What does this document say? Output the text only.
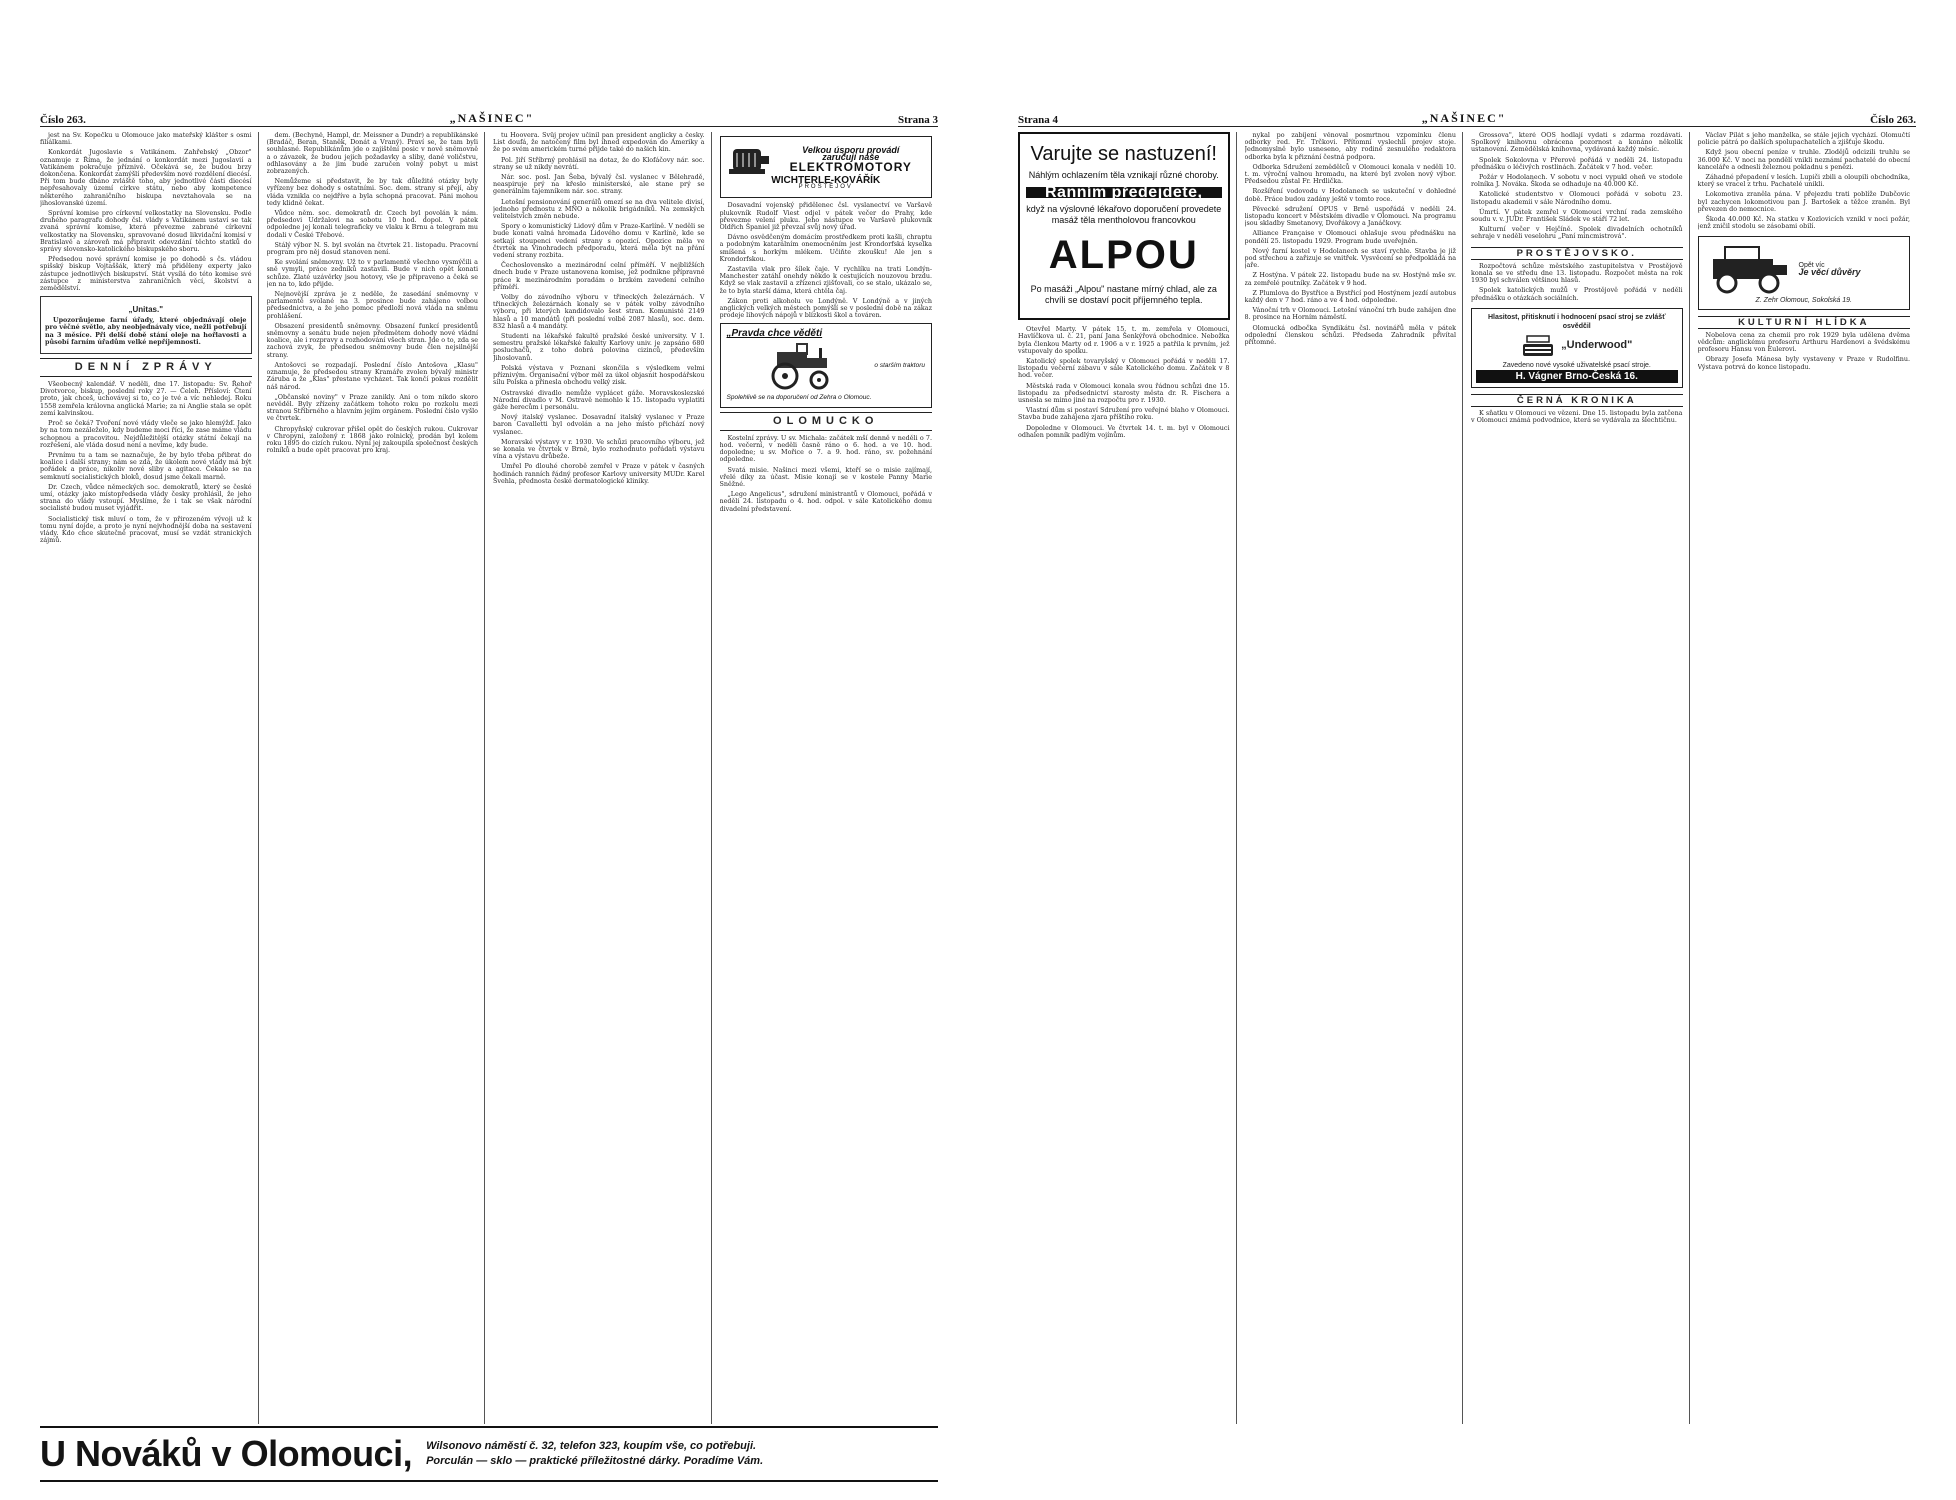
Číslo 263.	„NAŠINEC"	Strana 3

jest na Sv. Kopečku u Olomouce jako mateřský klášter s osmi filiálkami.

Konkordát Jugoslavie s Vatikánem. Zahřebský „Obzor" oznamuje z Říma, že jednání o konkordát mezi Jugoslavií a Vatikánem pokračuje příznivě. Očekává se, že budou brzy dokončena. Konkordát zamýšlí především nové rozdělení diecésí. Při tom bude dbáno zvláště toho, aby jednotlivé části diecésí nepřesahovaly území církve státu, nebo aby kompetence některého zahraničního biskupa nevztahovala se na jihoslovanské území.

Správní komise pro církevní velkostatky na Slovensku. Podle druhého paragrafu dohody čsl. vlády s Vatikánem ustaví se tak zvaná správní komise, která převezme zabrané církevní velkostatky na Slovensku, spravované dosud likvidační komisí v Bratislavě a zároveň má připravit odevzdání těchto statků do správy slovensko-katolického biskupského sboru.

Předsedou nové správní komise je po dohodě s čs. vládou spišský biskup Vojtaššák, který má přiděleny experty jako zástupce jednotlivých biskupství. Stát vysílá do této komise své zástupce z ministerstva zahraničních věcí, školství a zemědělství.

„Unitas."

Upozorňujeme farní úřady, které objednávají oleje pro věčné světlo, aby neobjednávaly více, nežli potřebují na 3 měsíce. Při delší době stání oleje na hořlavosti a působí farním úřadům velké nepříjemnosti.

DENNÍ ZPRÁVY

Všeobecný kalendář. V neděli, dne 17. listopadu: Sv. Řehoř Divotvorce, biskup, poslední roky 27. — Čeleh. Přísloví: Čtení proto, jak chceš, uchovávej si to, co je tvé a víc nehledej. Roku 1558 zemřela královna anglická Marie; za ni Anglie stala se opět zemí kalvinskou.

Proč se čeká? Tvoření nové vlády vleče se jako hlemýžď. Jako by na tom nezáleželo, kdy budeme moci říci, že zase máme vládu schopnou a pracovitou. Nejdůležitější otázky státní čekají na rozřešení, ale vláda dosud není a nevíme, kdy bude.

Prvnímu tu a tam se naznačuje, že by bylo třeba přibrat do koalice i další strany; nám se zdá, že úkolem nové vlády má být pořádek a práce, nikoliv nové sliby a agitace. Čekalo se na semknutí socialistických bloků, dosud jsme čekali marně.

Dr. Czech, vůdce německých soc. demokratů, který se české umí, otázky jako místopředseda vlády česky prohlásil, že jeho strana do vlády vstoupí. Myslíme, že i tak se však národní socialisté budou muset vyjádřit.

Socialistický tisk mluví o tom, že v přirozeném vývoji už k tomu nyní dojde, a proto je nyní nejvhodnější doba na sestavení vlády. Kdo chce skutečně pracovat, musí se vzdát stranických zájmů.

dem. (Bechyně, Hampl, dr. Meissner a Dundr) a republikánské (Bradáč, Beran, Staněk, Donát a Vraný). Praví se, že tam byli souhlasné. Republikánům jde o zajištění posic v nově sněmovně a o závazek, že budou jejich požadavky a sliby, dané voličstvu, odhlasovány a že jim bude zaručen volný pobyt u mist zobrazených.

Nemůžeme si představit, že by tak důležité otázky byly vyřízeny bez dohody s ostatními. Soc. dem. strany si přejí, aby vláda vznikla co nejdříve a byla schopná pracovat. Páni mohou tedy klidně čekat.

Vůdce něm. soc. demokratů dr. Czech byl povolán k nám. předsedovi Udržalovi na sobotu 10 hod. dopol. V pátek odpoledne jej konali telegraficky ve vlaku k Brnu a telegram mu dodali v České Třebové.

Stálý výbor N. S. byl svolán na čtvrtek 21. listopadu. Pracovní program pro něj dosud stanoven není.

Ke svolání sněmovny. Už to v parlamentě všechno vysmýčili a sně vymyli, práce zedníků zastavili. Bude v nich opět konati schůze. Zlaté uzávěrky jsou hotovy, vše je připraveno a čeká se jen na to, kdo přijde.

Nejnovější zpráva je z neděle, že zasedání sněmovny v parlamentě svolané na 3. prosince bude zahájeno volbou předsednictva, a že jeho pomoc předloží nová vláda na sněmu prohlášení.

Obsazení presidentů sněmovny. Obsazení funkcí presidentů sněmovny a senátu bude nejen předmětem dohody nové vládní koalice, ale i rozpravy a rozhodování všech stran. Jde o to, zda se zachová zvyk, že předsedou sněmovny bude člen nejsilnější strany.

Antošovci se rozpadají. Poslední číslo Antošova „Klasu" oznamuje, že předsedou strany Kramáře zvolen bývalý ministr Záruba a že „Klas" přestane vycházet. Tak končí pokus rozdělit náš národ.

„Občanské noviny" v Praze zanikly. Ani o tom nikdo skoro nevěděl. Byly zřízeny začátkem tohoto roku po rozkolu mezi stranou Stříbrného a hlavním jejím orgánem. Poslední číslo vyšlo ve čtvrtek.

Chropyňský cukrovar přišel opět do českých rukou. Cukrovar v Chropyni, založený r. 1868 jako rolnický, prodán byl kolem roku 1895 do cizích rukou. Nyní jej zakoupila společnost českých rolníků a bude opět pracovat pro kraj.

tu Hoovera. Svůj projev učinil pan president anglicky a česky. List doufá, že natočený film byl ihned expedován do Ameriky a že po svém americkém turné přijde také do našich kin.

Pol. Jiří Stříbrný prohlásil na dotaz, že do Klofáčovy nár. soc. strany se už nikdy nevrátí.

Nár. soc. posl. Jan Šeba, bývalý čsl. vyslanec v Bělehradě, neaspiruje prý na křeslo ministerské, ale stane prý se generálním tajemníkem nár. soc. strany.

Letošní pensionování generálů omezí se na dva velitele divisí, jednoho přednostu z MNO a několik brigádníků. Na zemských velitelstvích změn nebude.

Spory o komunistický Lidový dům v Praze-Karlíně. V neděli se bude konati valná hromada Lidového domu v Karlíně, kde se setkají stoupenci vedení strany s opozicí. Opozice měla ve čtvrtek na Vinohradech předporadu, která měla být na přání vedení strany rozbita.

Čechoslovensko a mezinárodní celní příměří. V nejbližších dnech bude v Praze ustanovena komise, jež podnikne přípravné práce k mezinárodním poradám o brzkém zavedení celního příměří.

Volby do závodního výboru v třineckých železárnách. V třineckých železárnách konaly se v pátek volby závodního výboru, při kterých kandidovalo šest stran. Komunisté 2149 hlasů a 10 mandátů (při poslední volbě 2087 hlasů), soc. dem. 832 hlasů a 4 mandáty.

Studenti na lékařské fakultě pražské české university. V I. semestru pražské lékařské fakulty Karlovy univ. je zapsáno 680 posluchačů, z toho dobrá polovina cizinců, především Jihoslovanů.

Polská výstava v Poznani skončila s výsledkem velmi příznivým. Organisační výbor měl za úkol objasnit hospodářskou sílu Polska a přinesla obchodu velký zisk.

Ostravské divadlo nemůže vyplácet gáže. Moravskoslezské Národní divadlo v M. Ostravě nemohlo k 15. listopadu vyplatiti gáže herecům i personálu.

Nový italský vyslanec. Dosavadní italský vyslanec v Praze baron Cavalletti byl odvolán a na jeho místo přichází nový vyslanec.

Moravské výstavy v r. 1930. Ve schůzi pracovního výboru, jež se konala ve čtvrtek v Brně, bylo rozhodnuto pořádati výstavu vína a výstavu drůbeže.

Umřel Po dlouhé chorobě zemřel v Praze v pátek v časných hodinách ranních řádný profesor Karlovy university MUDr. Karel Švehla, přednosta české dermatologické kliniky.

Velkou úsporu provádí
zaručují naše
ELEKTROMOTORY
WICHTERLE-KOVÁŘÍK
PROSTĚJOV

Dosavadní vojenský přidělenec čsl. vyslanectví ve Varšavě plukovník Rudolf Viest odjel v pátek večer do Prahy, kde převezme velení pluku. Jeho nástupce ve Varšavě plukovník Oldřich Španiel již převzal svůj nový úřad.

Dávno osvědčeným domácím prostředkem proti kašli, chraptu a podobným katarálním onemocněním jest Krondorfská kyselka smíšená s horkým mlékem. Učiňte zkoušku! Ale jen s Krondorfskou.

Zastavila vlak pro šílek čaje. V rychlíku na trati Londýn-Manchester zatáhl onehdy někdo k cestujících nouzovou brzdu. Když se vlak zastavil a zřízenci zjišťovali, co se stalo, ukázalo se, že to byla starší dáma, která chtěla čaj.

Zákon proti alkoholu ve Londýně. V Londýně a v jiných anglických velkých městech pomýšlí se v poslední době na zákaz prodeje lihových nápojů v blízkosti škol a továren.

„Pravda chce věděti
o starším traktoru
Spolehlivě se na doporučení od Zehra o Olomouc.
OLOMUCKO

Kostelní zprávy. U sv. Michala: začátek mší denně v neděli o 7. hod. večerní, v neděli časně ráno o 6. hod. a ve 10. hod. dopoledne; u sv. Mořice o 7. a 9. hod. ráno, sv. požehnání odpoledne.

Svatá misie. Našinci mezi všemi, kteří se o misie zajímají, vřelé díky za účast. Misie konají se v kostele Panny Marie Sněžné.

„Lego Angelicus", sdružení ministrantů v Olomouci, pořádá v neděli 24. listopadu o 4. hod. odpol. v sále Katolického domu divadelní představení.

U Nováků v Olomouci,	Wilsonovo náměstí č. 32, telefon 323, koupím vše, co potřebuji.
Porculán — sklo — praktické příležitostné dárky. Poradíme Vám.
Strana 4	„NAŠINEC"	Číslo 263.
Varujte se nastuzení!
Náhlým ochlazením těla vznikají různé choroby.
Ranním předejdete,
když na výslovné lékařovo doporučení provedete masáž těla mentholovou francovkou
ALPOU
Po masáži „Alpou" nastane mírný chlad, ale za chvíli se dostaví pocit příjemného tepla.

Otevřel Marty. V pátek 15. t. m. zemřela v Olomouci, Havlíčkova ul. č. 21, paní Jana Šenkýřová obchodnice. Nebožka byla členkou Marty od r. 1906 a v r. 1925 a patřila k prvním, jež vstupovaly do spolku.

Katolický spolek tovaryšský v Olomouci pořádá v neděli 17. listopadu večerní zábavu v sále Katolického domu. Začátek v 8 hod. večer.

Městská rada v Olomouci konala svou řádnou schůzi dne 15. listopadu za předsednictví starosty města dr. R. Fischera a usnesla se mimo jiné na rozpočtu pro r. 1930.

Vlastní dům si postaví Sdružení pro veřejné blaho v Olomouci. Stavba bude zahájena zjara příštího roku.

Dopoledne v Olomouci. Ve čtvrtek 14. t. m. byl v Olomouci odhalen pomník padlým vojínům.

nykal po zabíjení věnoval posmrtnou vzpomínku členu odborky red. Fr. Trčkovi. Přítomní vyslechli projev stoje. Jednomyslně bylo usneseno, aby rodině zesnulého redaktora odborka byla k přiznání čestná podpora.

Odborka Sdružení zemědělců v Olomouci konala v neděli 10. t. m. výroční valnou hromadu, na které byl zvolen nový výbor. Předsedou zůstal Fr. Hrdlička.

Rozšíření vodovodu v Hodolanech se uskuteční v dohledné době. Práce budou zadány ještě v tomto roce.

Pěvecké sdružení OPUS v Brně uspořádá v neděli 24. listopadu koncert v Městském divadle v Olomouci. Na programu jsou skladby Smetanovy, Dvořákovy a Janáčkovy.

Alliance Française v Olomouci ohlašuje svou přednášku na pondělí 25. listopadu 1929. Program bude uveřejněn.

Nový farní kostel v Hodolanech se staví rychle. Stavba je již pod střechou a zařizuje se vnitřek. Vysvěcení se předpokládá na jaře.

Z Hostýna. V pátek 22. listopadu bude na sv. Hostýně mše sv. za zemřelé poutníky. Začátek v 9 hod.

Z Plumlova do Bystřice a Bystřicí pod Hostýnem jezdí autobus každý den v 7 hod. ráno a ve 4 hod. odpoledne.

Vánoční trh v Olomouci. Letošní vánoční trh bude zahájen dne 8. prosince na Horním náměstí.

Olomucká odbočka Syndikátu čsl. novinářů měla v pátek odpolední členskou schůzi. Předseda Zahradník přivítal přítomné.

Grossova", které OOS hodlají vydati s zdarma rozdávati. Spolkový knihovnu obrácena pozornost a konáno několik ustanovení. Zemědělská knihovna, vydávaná každý měsíc.

Spolek Sokolovna v Přerově pořádá v neděli 24. listopadu přednášku o léčivých rostlinách. Začátek v 7 hod. večer.

Požár v Hodolanech. V sobotu v noci vypukl oheň ve stodole rolníka J. Nováka. Škoda se odhaduje na 40.000 Kč.

Katolické studentstvo v Olomouci pořádá v sobotu 23. listopadu akademii v sále Národního domu.

Úmrtí. V pátek zemřel v Olomouci vrchní rada zemského soudu v. v. JUDr. František Sládek ve stáří 72 let.

Kulturní večer v Hejčíně. Spolek divadelních ochotníků sehraje v neděli veselohru „Paní mincmistrová".

PROSTĚJOVSKO.

Rozpočtová schůze městského zastupitelstva v Prostějově konala se ve středu dne 13. listopadu. Rozpočet města na rok 1930 byl schválen většinou hlasů.

Spolek katolických mužů v Prostějově pořádá v neděli přednášku o otázkách sociálních.

Hlasitost, přitisknutí i hodnocení psací stroj se zvlášť osvědčil
„Underwood"
Zavedeno nové vysoké uživatelské psací stroje.
H. Vágner Brno-Česká 16.
ČERNÁ KRONIKA

K sňatku v Olomouci ve vězeni. Dne 15. listopadu byla zatčena v Olomouci známá podvodnice, která se vydávala za šlechtičnu.

Václav Pilát s jeho manželka, se stále jejich vychází. Olomučtí policie pátrá po dalších spolupachatelích a zjišťuje škodu.

Když jsou obecní peníze v truhle. Zlodějů odcizili truhlu se 36.000 Kč. V noci na pondělí vnikli neznámí pachatelé do obecní kanceláře a odnesli železnou pokladnu s penězi.

Záhadné přepadení v lesích. Lupiči zbili a oloupili obchodníka, který se vracel z trhu. Pachatelé unikli.

Lokomotiva zraněla pána. V přejezdu trati poblíže Dubčovic byl zachycen lokomotivou pan J. Bartošek a těžce zraněn. Byl převezen do nemocnice.

Škoda 40.000 Kč. Na statku v Kozlovicích vznikl v noci požár, jenž zničil stodolu se zásobami obilí.

Opět víc
Je věcí důvěry
Z. Zehr Olomouc, Sokolská 19.
KULTURNÍ HLÍDKA

Nobelova cena za chemii pro rok 1929 byla udělena dvěma vědcům: anglickému profesoru Arthuru Hardenovi a švédskému profesoru Hansu von Eulerovi.

Obrazy Josefa Mánesa byly vystaveny v Praze v Rudolfinu. Výstava potrvá do konce listopadu.
